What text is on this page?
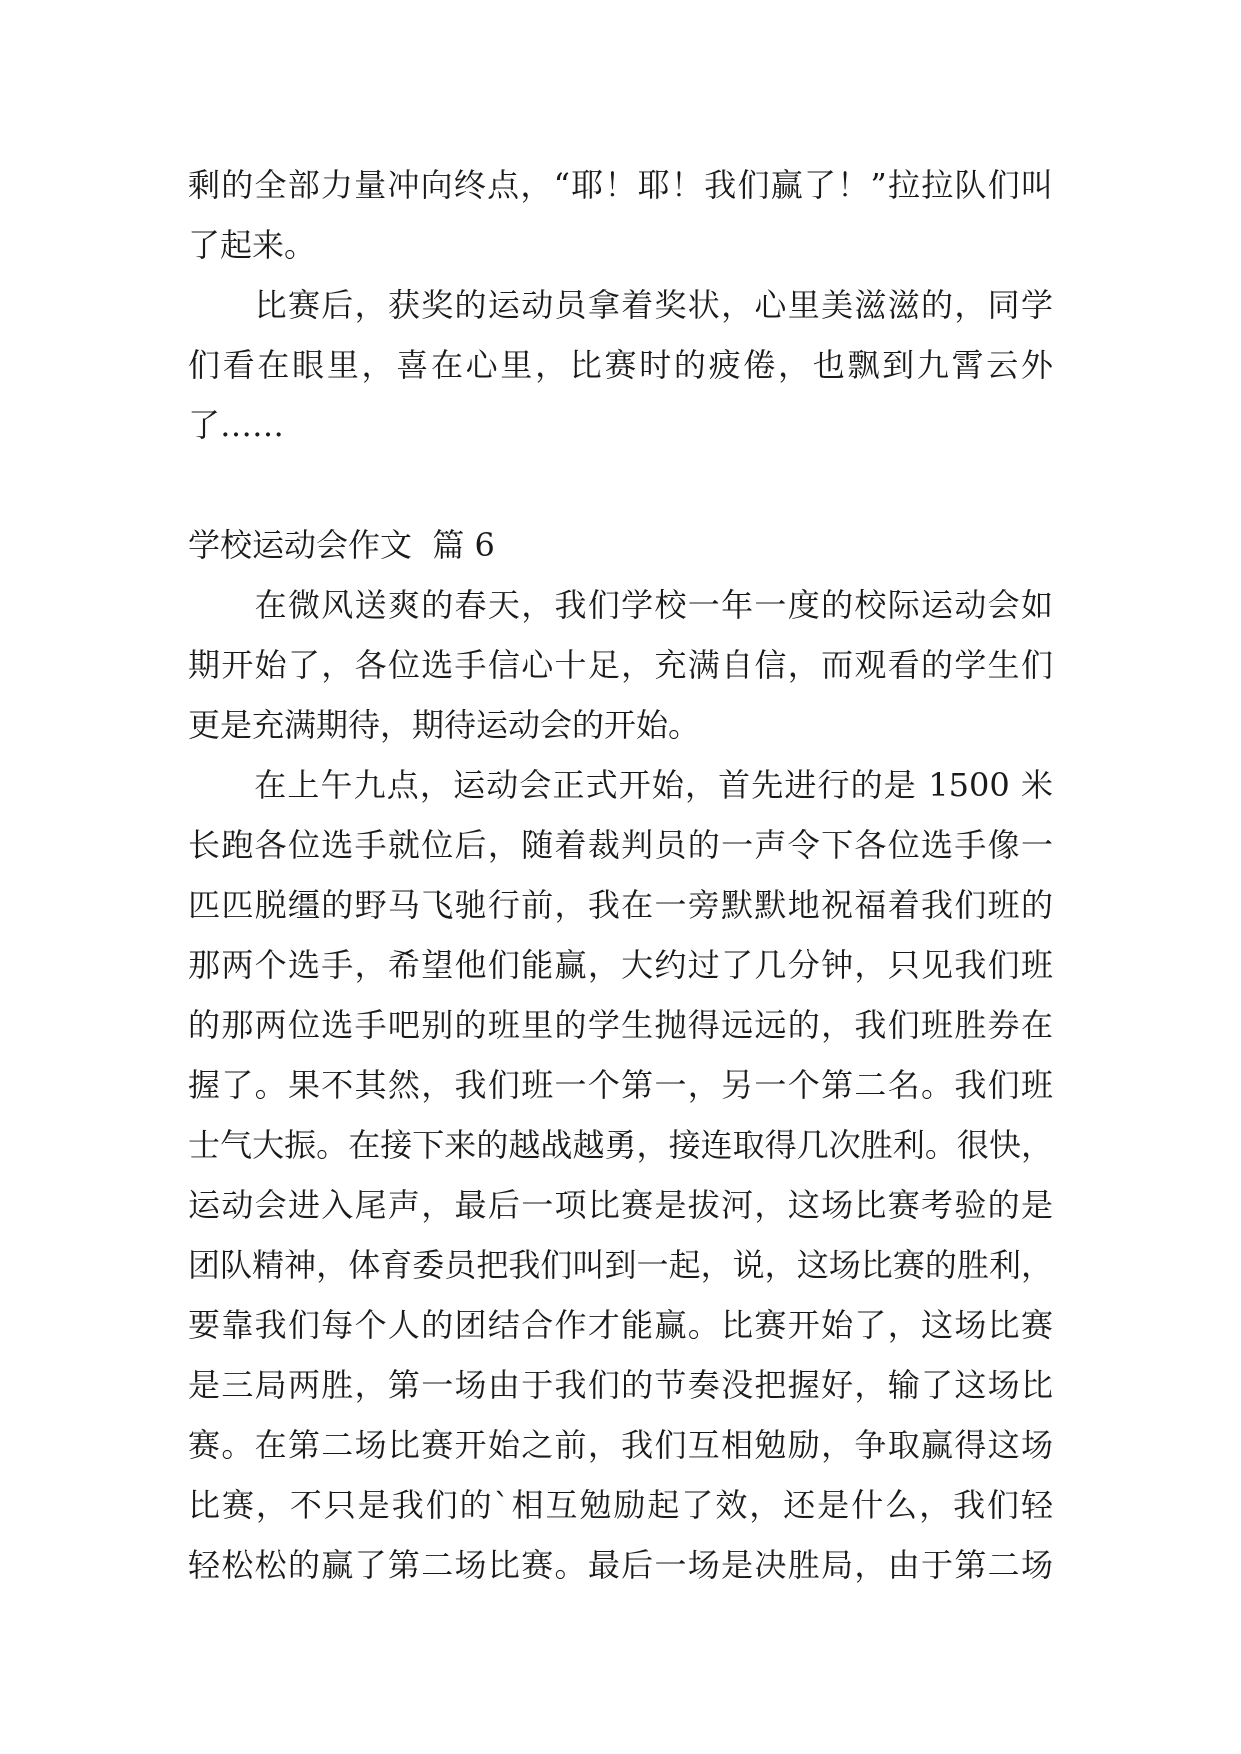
剩的全部力量冲向终点，“耶！耶！我们赢了！”拉拉队们叫
了起来。
　　比赛后，获奖的运动员拿着奖状，心里美滋滋的，同学
们看在眼里，喜在心里，比赛时的疲倦，也飘到九霄云外
了……
学校运动会作文  篇 6
　　在微风送爽的春天，我们学校一年一度的校际运动会如
期开始了，各位选手信心十足，充满自信，而观看的学生们
更是充满期待，期待运动会的开始。
　　在上午九点，运动会正式开始，首先进行的是 1500 米
长跑各位选手就位后，随着裁判员的一声令下各位选手像一
匹匹脱缰的野马飞驰行前，我在一旁默默地祝福着我们班的
那两个选手，希望他们能赢，大约过了几分钟，只见我们班
的那两位选手吧别的班里的学生抛得远远的，我们班胜券在
握了。果不其然，我们班一个第一，另一个第二名。我们班
士气大振。在接下来的越战越勇，接连取得几次胜利。很快，
运动会进入尾声，最后一项比赛是拔河，这场比赛考验的是
团队精神，体育委员把我们叫到一起，说，这场比赛的胜利，
要靠我们每个人的团结合作才能赢。比赛开始了，这场比赛
是三局两胜，第一场由于我们的节奏没把握好，输了这场比
赛。在第二场比赛开始之前，我们互相勉励，争取赢得这场
比赛，不只是我们的`相互勉励起了效，还是什么，我们轻
轻松松的赢了第二场比赛。最后一场是决胜局，由于第二场
